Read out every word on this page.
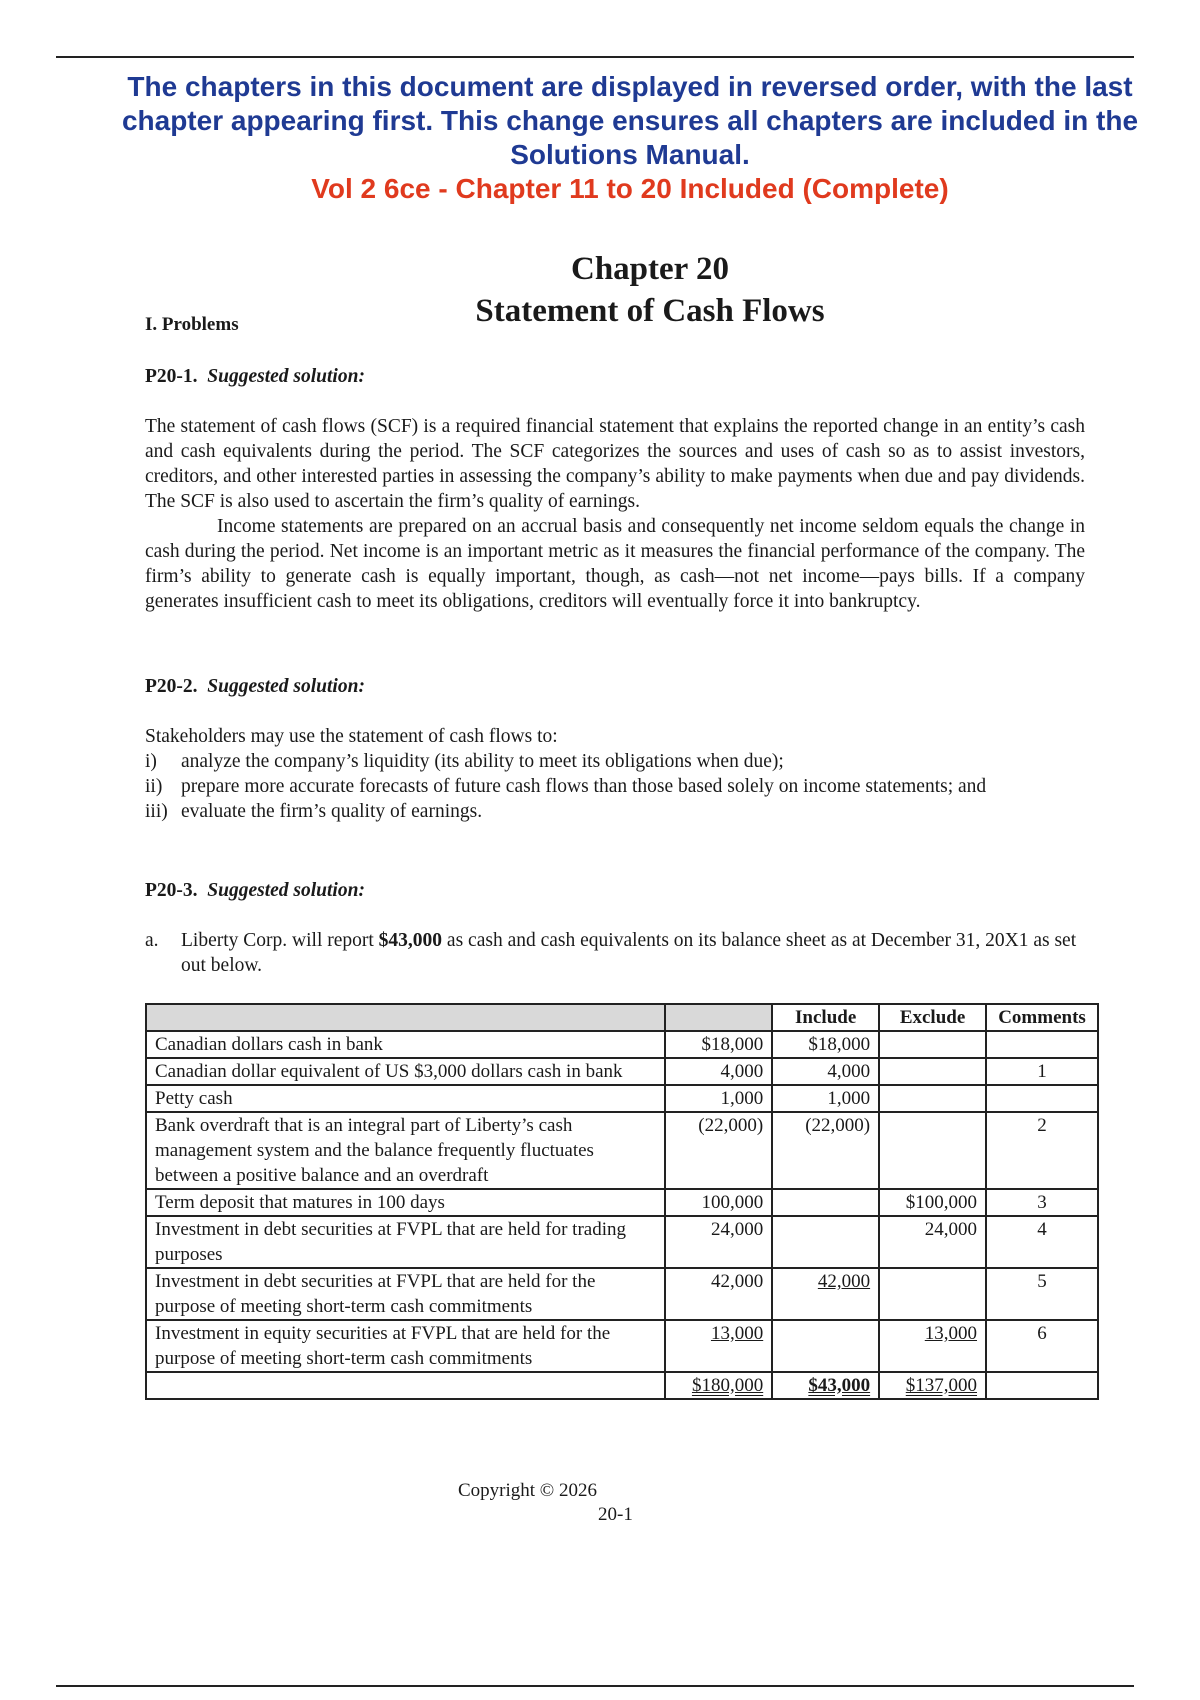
The chapters in this document are displayed in reversed order, with the last chapter appearing first. This change ensures all chapters are included in the Solutions Manual.
Vol 2 6ce - Chapter 11 to 20 Included (Complete)
Chapter 20
Statement of Cash Flows
I. Problems
P20-1. Suggested solution:
The statement of cash flows (SCF) is a required financial statement that explains the reported change in an entity’s cash and cash equivalents during the period. The SCF categorizes the sources and uses of cash so as to assist investors, creditors, and other interested parties in assessing the company’s ability to make payments when due and pay dividends. The SCF is also used to ascertain the firm’s quality of earnings.
Income statements are prepared on an accrual basis and consequently net income seldom equals the change in cash during the period. Net income is an important metric as it measures the financial performance of the company. The firm’s ability to generate cash is equally important, though, as cash—not net income—pays bills. If a company generates insufficient cash to meet its obligations, creditors will eventually force it into bankruptcy.
P20-2. Suggested solution:
Stakeholders may use the statement of cash flows to:
i)	analyze the company’s liquidity (its ability to meet its obligations when due);
ii) prepare more accurate forecasts of future cash flows than those based solely on income statements; and
iii) evaluate the firm’s quality of earnings.
P20-3. Suggested solution:
a.	Liberty Corp. will report $43,000 as cash and cash equivalents on its balance sheet as at December 31, 20X1 as set out below.
		Include	Exclude	Comments
Canadian dollars cash in bank	$18,000	$18,000		
Canadian dollar equivalent of US $3,000 dollars cash in bank	4,000	4,000		1
Petty cash	1,000	1,000		
Bank overdraft that is an integral part of Liberty’s cash management system and the balance frequently fluctuates between a positive balance and an overdraft	(22,000)	(22,000)		2
Term deposit that matures in 100 days	100,000		$100,000	3
Investment in debt securities at FVPL that are held for trading purposes	24,000		24,000	4
Investment in debt securities at FVPL that are held for the purpose of meeting short-term cash commitments	42,000	42,000		5
Investment in equity securities at FVPL that are held for the purpose of meeting short-term cash commitments	13,000		13,000	6
	$180,000	$43,000	$137,000	
Copyright © 2026
20-1
